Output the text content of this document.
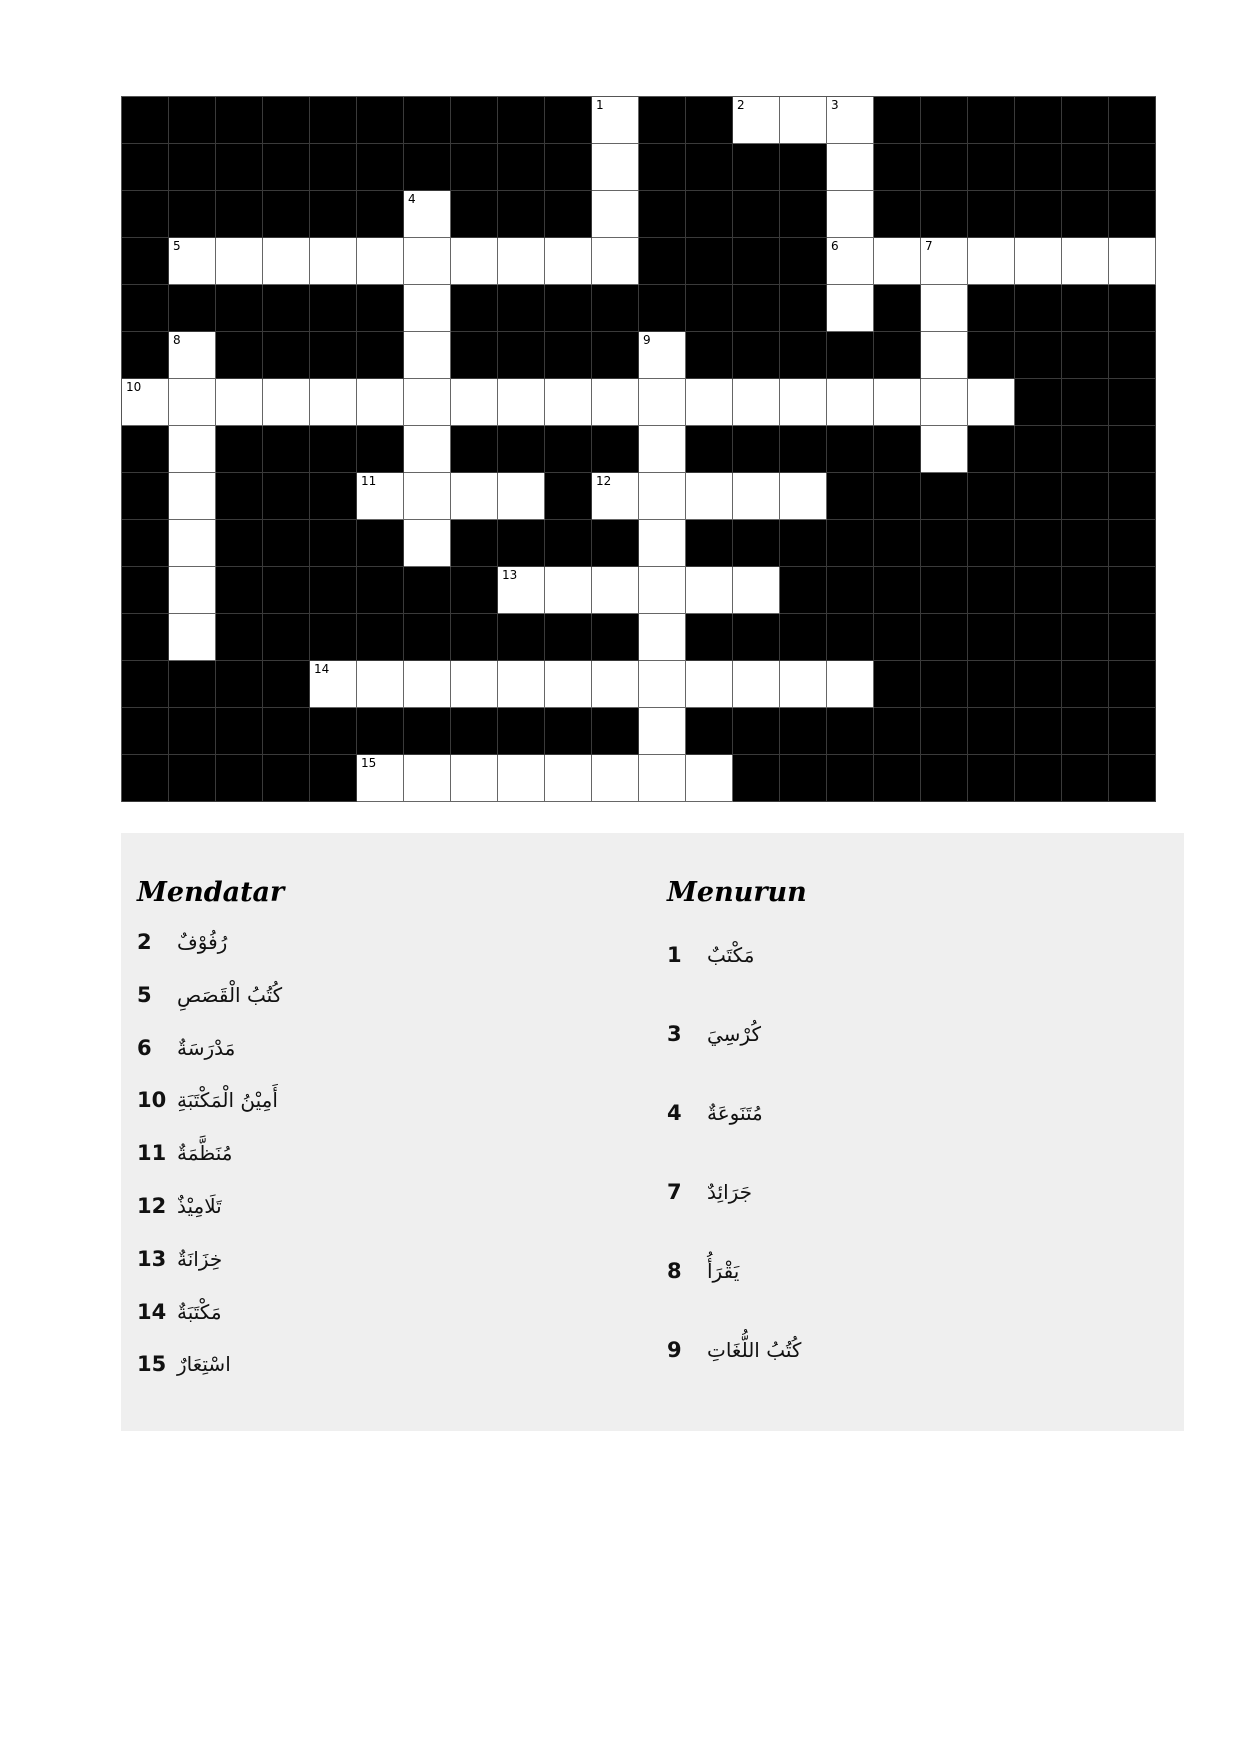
1	2	3
4
5	6	7
8	9
10
11	12
13
14
15
Mendatar
2	رُفُوْفٌ
5	كُتُبُ الْقَصَصِ
6	مَدْرَسَةٌ
10 أَمِيْنُ الْمَكْتَبَةِ
11 مُنَظَّمَةٌ
12 تَلَامِيْذٌ
13 خِزَانَةٌ
14 مَكْتَبَةٌ
15 اسْتِعَارٌ
Menurun
1	مَكْتَبٌ
3	كُرْسِيَ
4	مُتَنَوعَةٌ
7	جَرَائِدٌ
8	يَقْرَأُ
9	كُتُبُ اللُّغَاتِ
